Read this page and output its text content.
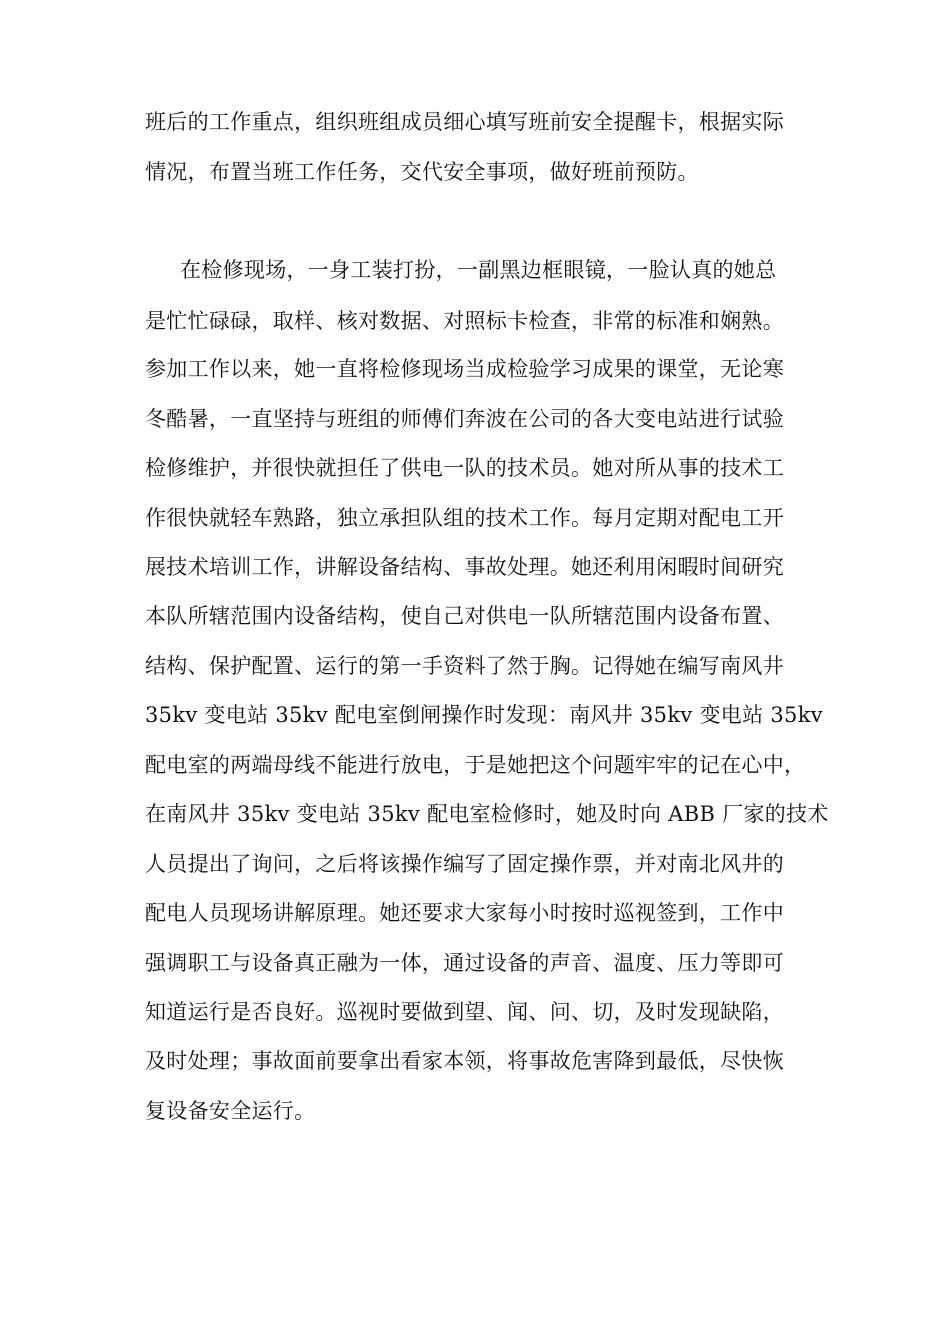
班后的工作重点，组织班组成员细心填写班前安全提醒卡，根据实际
情况，布置当班工作任务，交代安全事项，做好班前预防。
在检修现场，一身工装打扮，一副黑边框眼镜，一脸认真的她总
是忙忙碌碌，取样、核对数据、对照标卡检查，非常的标准和娴熟。
参加工作以来，她一直将检修现场当成检验学习成果的课堂，无论寒
冬酷暑，一直坚持与班组的师傅们奔波在公司的各大变电站进行试验
检修维护，并很快就担任了供电一队的技术员。她对所从事的技术工
作很快就轻车熟路，独立承担队组的技术工作。每月定期对配电工开
展技术培训工作，讲解设备结构、事故处理。她还利用闲暇时间研究
本队所辖范围内设备结构，使自己对供电一队所辖范围内设备布置、
结构、保护配置、运行的第一手资料了然于胸。记得她在编写南风井
35kv 变电站 35kv 配电室倒闸操作时发现：南风井 35kv 变电站 35kv
配电室的两端母线不能进行放电，于是她把这个问题牢牢的记在心中，
在南风井 35kv 变电站 35kv 配电室检修时，她及时向 ABB 厂家的技术
人员提出了询问，之后将该操作编写了固定操作票，并对南北风井的
配电人员现场讲解原理。她还要求大家每小时按时巡视签到，工作中
强调职工与设备真正融为一体，通过设备的声音、温度、压力等即可
知道运行是否良好。巡视时要做到望、闻、问、切，及时发现缺陷，
及时处理；事故面前要拿出看家本领，将事故危害降到最低，尽快恢
复设备安全运行。
